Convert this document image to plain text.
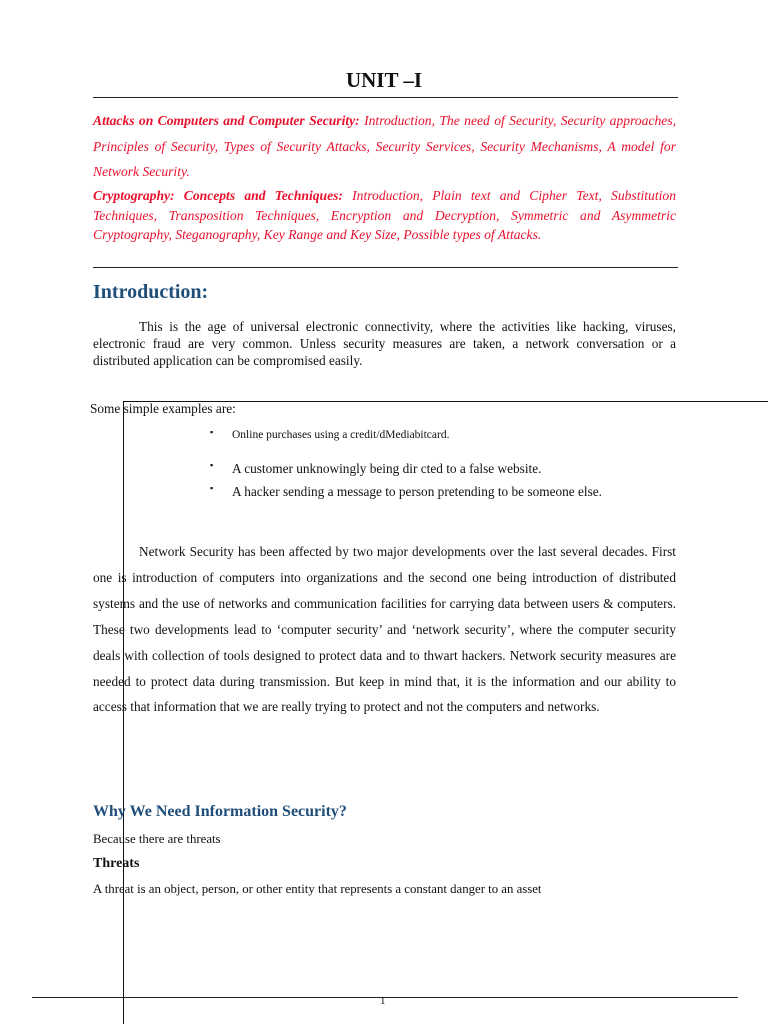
UNIT –I
Attacks on Computers and Computer Security: Introduction, The need of Security, Security approaches, Principles of Security, Types of Security Attacks, Security Services, Security Mechanisms, A model for Network Security.
Cryptography: Concepts and Techniques: Introduction, Plain text and Cipher Text, Substitution Techniques, Transposition Techniques, Encryption and Decryption, Symmetric and Asymmetric Cryptography, Steganography, Key Range and Key Size, Possible types of Attacks.
Introduction:
This is the age of universal electronic connectivity, where the activities like hacking, viruses, electronic fraud are very common. Unless security measures are taken, a network conversation or a distributed application can be compromised easily.
Some simple examples are:
▪ Online purchases using a credit/dMediabitcard.
▪ A customer unknowingly being dir cted to a false website.
▪ A hacker sending a message to person pretending to be someone else.
Network Security has been affected by two major developments over the last several decades. First one is introduction of computers into organizations and the second one being introduction of distributed systems and the use of networks and communication facilities for carrying data between users & computers. These two developments lead to ‘computer security’ and ‘network security’, where the computer security deals with collection of tools designed to protect data and to thwart hackers. Network security measures are needed to protect data during transmission. But keep in mind that, it is the information and our ability to access that information that we are really trying to protect and not the computers and networks.
Why We Need Information Security?
Because there are threats
Threats
A threat is an object, person, or other entity that represents a constant danger to an asset
1
